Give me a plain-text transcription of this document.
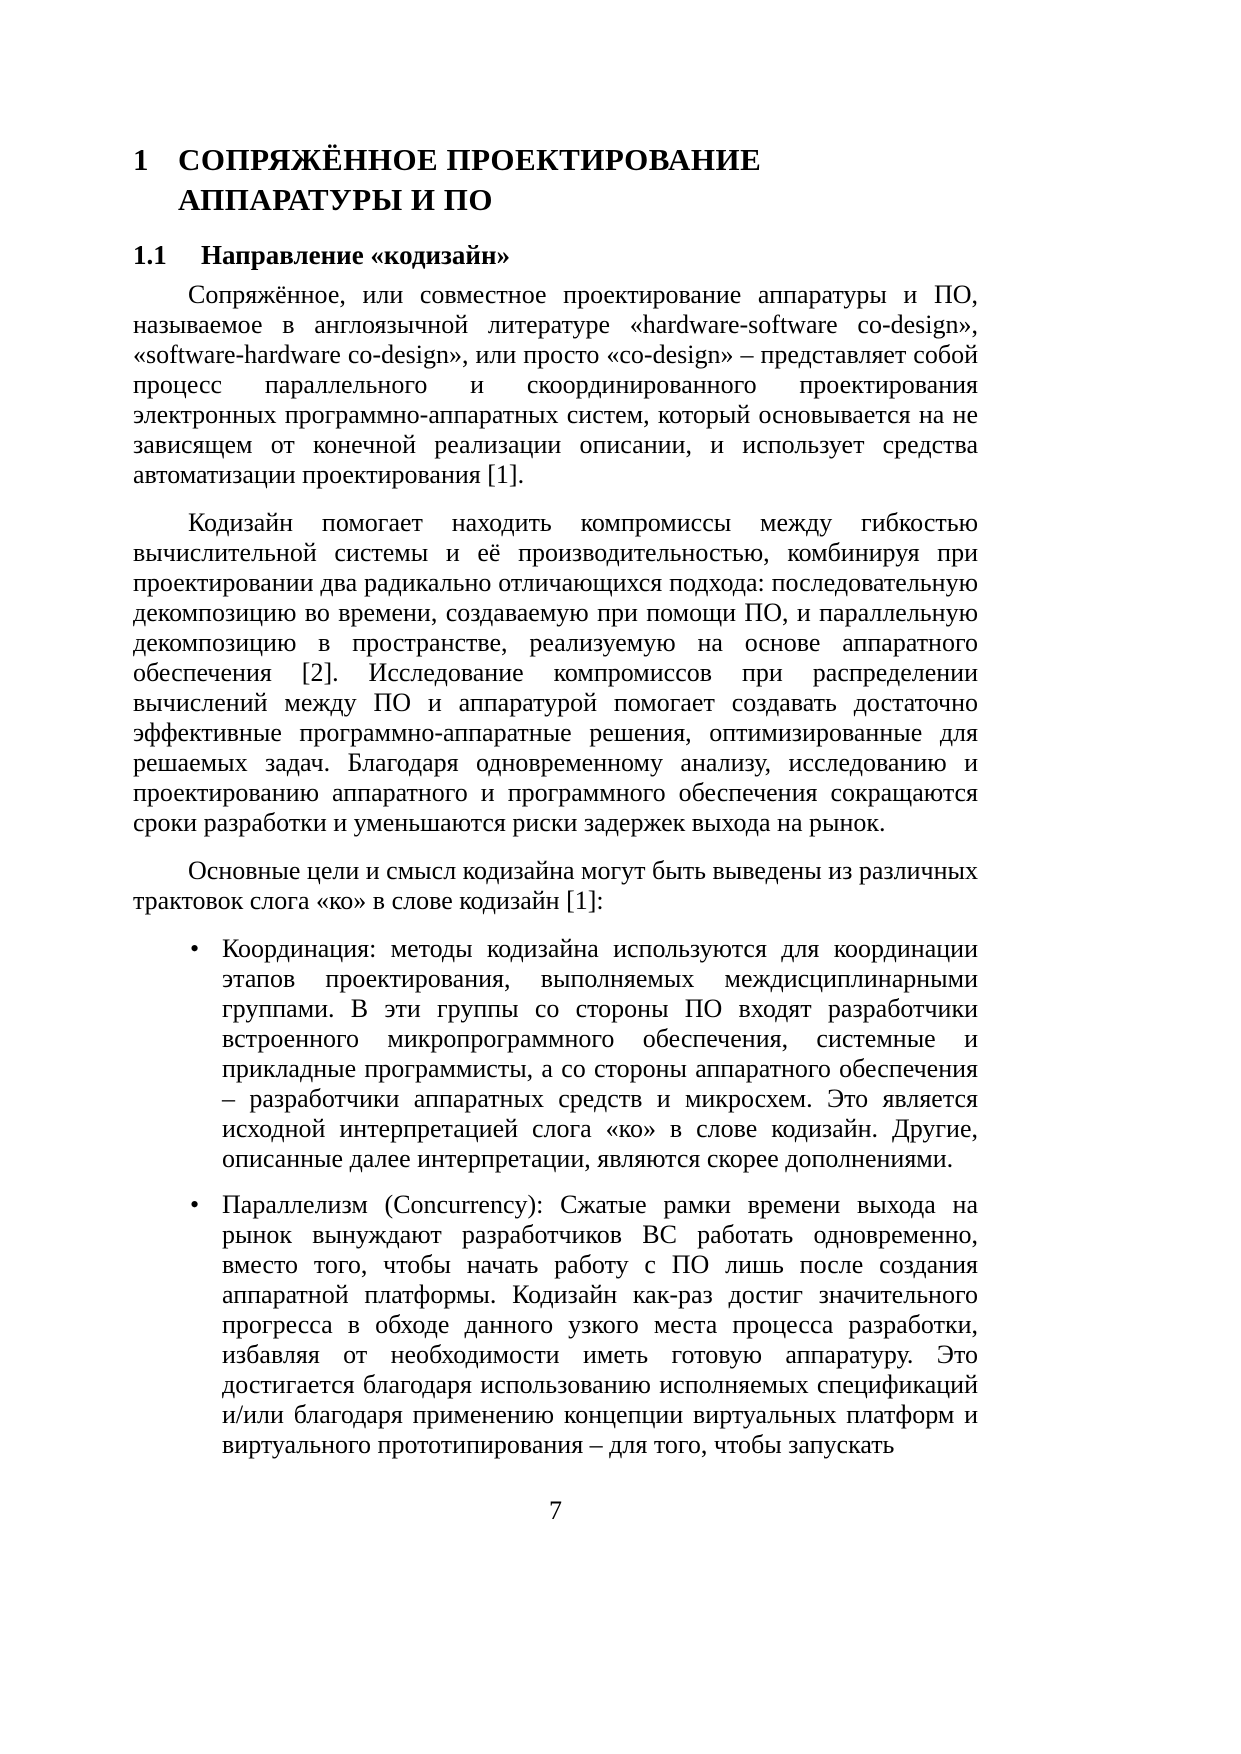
1 СОПРЯЖЁННОЕ ПРОЕКТИРОВАНИЕ АППАРАТУРЫ И ПО
1.1	Направление «кодизайн»

Сопряжённое, или совместное проектирование аппаратуры и ПО, называемое в англоязычной литературе «hardware-software co-design», «software-hardware co-design», или просто «co-design» – представляет собой процесс параллельного и скоординированного проектирования электронных программно-аппаратных систем, который основывается на не зависящем от конечной реализации описании, и использует средства автоматизации проектирования [1].

Кодизайн помогает находить компромиссы между гибкостью вычислительной системы и её производительностью, комбинируя при проектировании два радикально отличающихся подхода: последовательную декомпозицию во времени, создаваемую при помощи ПО, и параллельную декомпозицию в пространстве, реализуемую на основе аппаратного обеспечения [2]. Исследование компромиссов при распределении вычислений между ПО и аппаратурой помогает создавать достаточно эффективные программно-аппаратные решения, оптимизированные для решаемых задач. Благодаря одновременному анализу, исследованию и проектированию аппаратного и программного обеспечения сокращаются сроки разработки и уменьшаются риски задержек выхода на рынок.

Основные цели и смысл кодизайна могут быть выведены из различных трактовок слога «ко» в слове кодизайн [1]:

• Координация: методы кодизайна используются для координации этапов проектирования, выполняемых междисциплинарными группами. В эти группы со стороны ПО входят разработчики встроенного микропрограммного обеспечения, системные и прикладные программисты, а со стороны аппаратного обеспечения – разработчики аппаратных средств и микросхем. Это является исходной интерпретацией слога «ко» в слове кодизайн. Другие, описанные далее интерпретации, являются скорее дополнениями.
• Параллелизм (Concurrency): Сжатые рамки времени выхода на рынок вынуждают разработчиков ВС работать одновременно, вместо того, чтобы начать работу с ПО лишь после создания аппаратной платформы. Кодизайн как-раз достиг значительного прогресса в обходе данного узкого места процесса разработки, избавляя от необходимости иметь готовую аппаратуру. Это достигается благодаря использованию исполняемых спецификаций и/или благодаря применению концепции виртуальных платформ и виртуального прототипирования – для того, чтобы запускать
7
